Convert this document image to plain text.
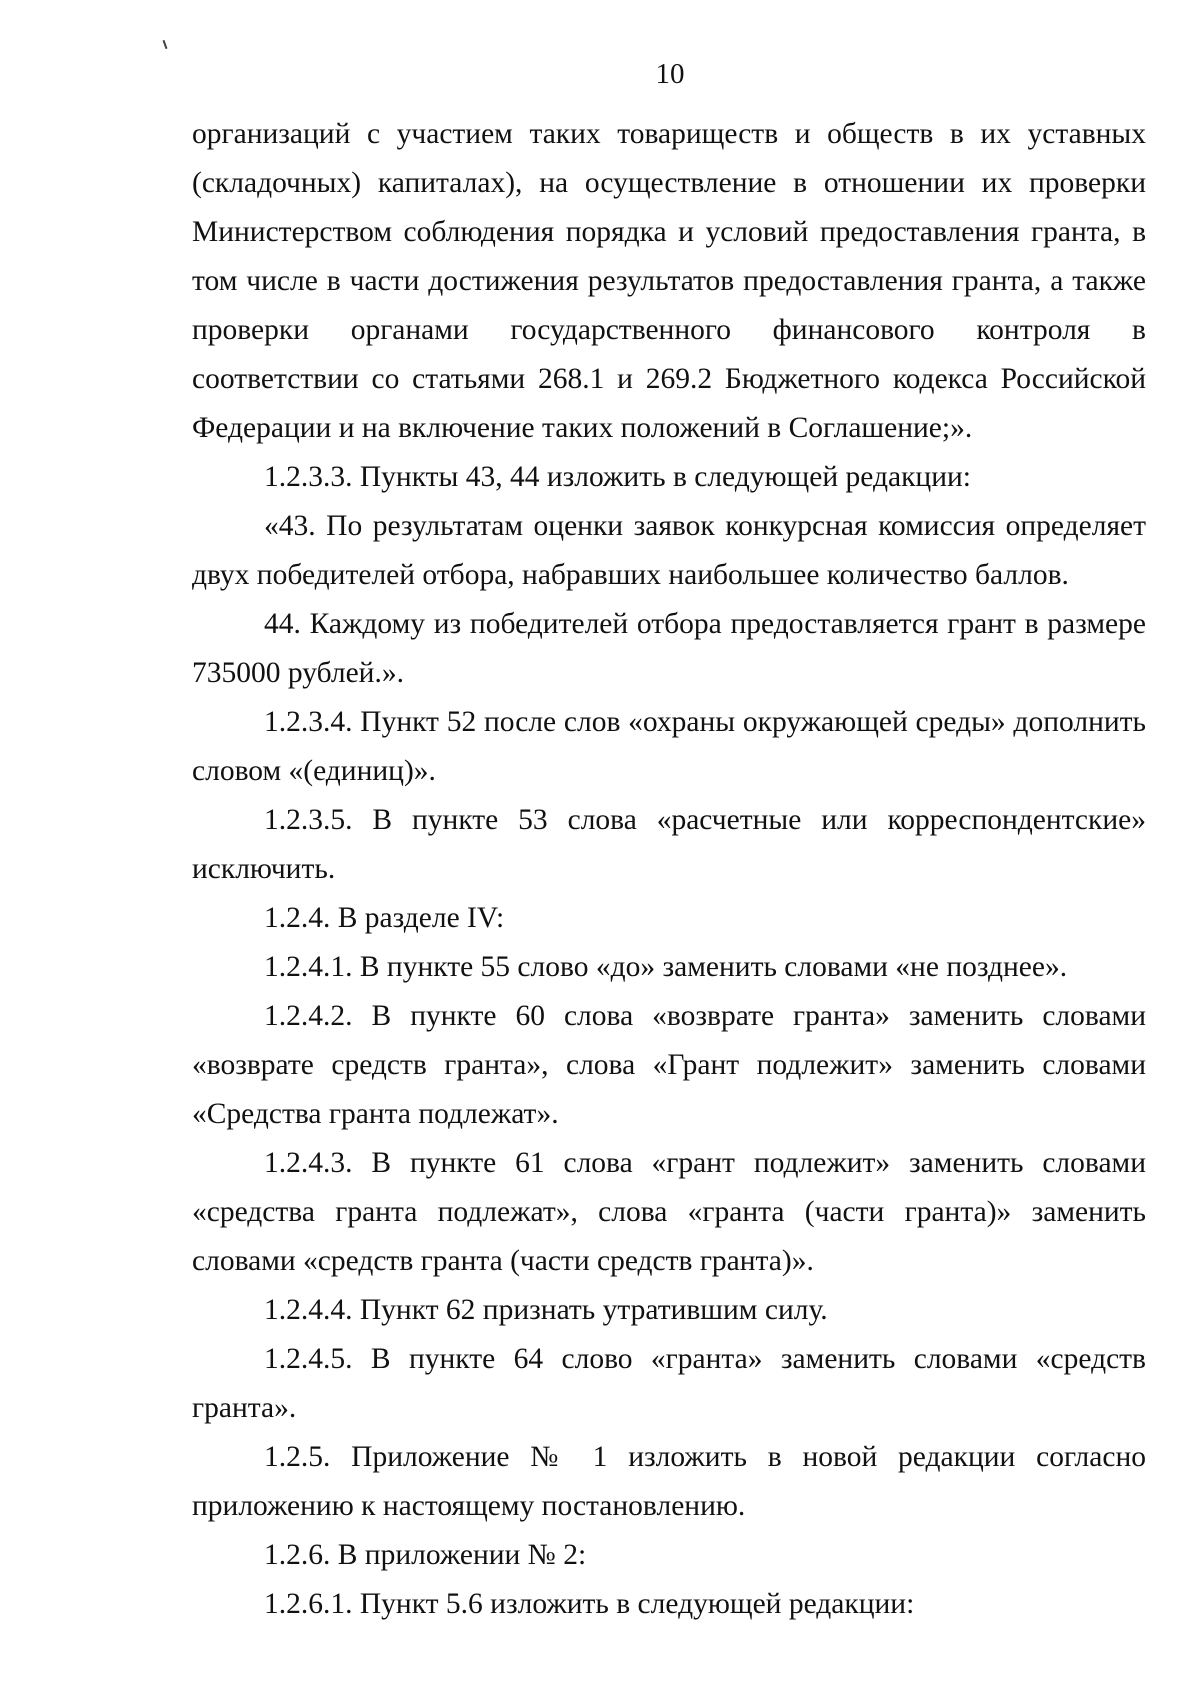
10

организаций с участием таких товариществ и обществ в их уставных (складочных) капиталах), на осуществление в отношении их проверки Министерством соблюдения порядка и условий предоставления гранта, в том числе в части достижения результатов предоставления гранта, а также проверки органами государственного финансового контроля в соответствии со статьями 268.1 и 269.2 Бюджетного кодекса Российской Федерации и на включение таких положений в Соглашение;».

1.2.3.3. Пункты 43, 44 изложить в следующей редакции:

«43. По результатам оценки заявок конкурсная комиссия определяет двух победителей отбора, набравших наибольшее количество баллов.

44. Каждому из победителей отбора предоставляется грант в размере 735000 рублей.».

1.2.3.4. Пункт 52 после слов «охраны окружающей среды» дополнить словом «(единиц)».

1.2.3.5. В пункте 53 слова «расчетные или корреспондентские» исключить.

1.2.4. В разделе IV:

1.2.4.1. В пункте 55 слово «до» заменить словами «не позднее».

1.2.4.2. В пункте 60 слова «возврате гранта» заменить словами «возврате средств гранта», слова «Грант подлежит» заменить словами «Средства гранта подлежат».

1.2.4.3. В пункте 61 слова «грант подлежит» заменить словами «средства гранта подлежат», слова «гранта (части гранта)» заменить словами «средств гранта (части средств гранта)».

1.2.4.4. Пункт 62 признать утратившим силу.

1.2.4.5. В пункте 64 слово «гранта» заменить словами «средств гранта».

1.2.5. Приложение № 1 изложить в новой редакции согласно приложению к настоящему постановлению.

1.2.6. В приложении № 2:

1.2.6.1. Пункт 5.6 изложить в следующей редакции:
